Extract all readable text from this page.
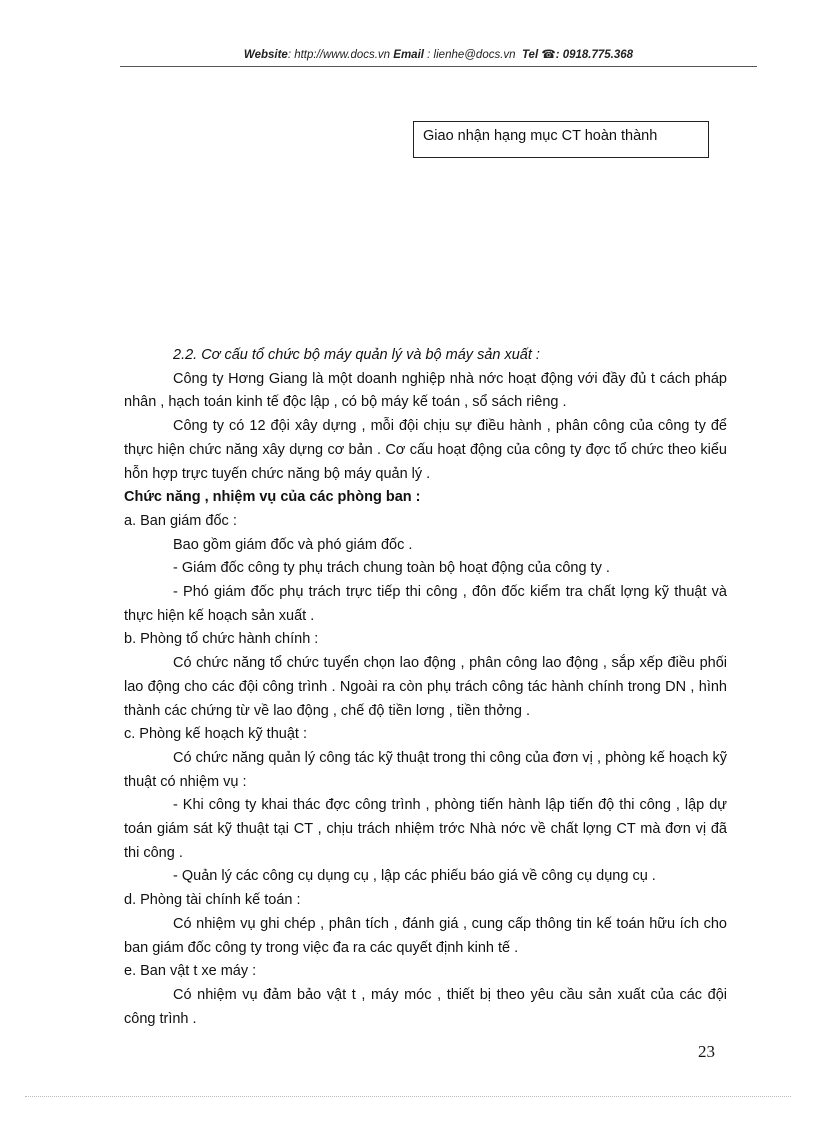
Website: http://www.docs.vn Email : lienhe@docs.vn Tel ☎: 0918.775.368
Giao nhận hạng mục CT hoàn thành

2.2. Cơ cấu tổ chức bộ máy quản lý và bộ máy sản xuất :

Công ty Hơng Giang là một doanh nghiệp nhà nớc hoạt động với đầy đủ t cách pháp nhân , hạch toán kinh tế độc lập , có bộ máy kế toán , sổ sách riêng .

Công ty có 12 đội xây dựng , mỗi đội chịu sự điều hành , phân công của công ty để thực hiện chức năng xây dựng cơ bản . Cơ cấu hoạt động của công ty đợc tổ chức theo kiểu hỗn hợp trực tuyến chức năng bộ máy quản lý .

Chức năng , nhiệm vụ của các phòng ban :

a. Ban giám đốc :

Bao gồm giám đốc và phó giám đốc .

- Giám đốc công ty phụ trách chung toàn bộ hoạt động của công ty .

- Phó giám đốc phụ trách trực tiếp thi công , đôn đốc kiểm tra chất lợng kỹ thuật và thực hiện kế hoạch sản xuất .

b. Phòng tổ chức hành chính :

Có chức năng tổ chức tuyển chọn lao động , phân công lao động , sắp xếp điều phối lao động cho các đội công trình . Ngoài ra còn phụ trách công tác hành chính trong DN , hình thành các chứng từ về lao động , chế độ tiền lơng , tiền thởng .

c. Phòng kế hoạch kỹ thuật :

Có chức năng quản lý công tác kỹ thuật trong thi công của đơn vị , phòng kế hoạch kỹ thuật có nhiệm vụ :

- Khi công ty khai thác đợc công trình , phòng tiến hành lập tiến độ thi công , lập dự toán giám sát kỹ thuật tại CT , chịu trách nhiệm trớc Nhà nớc về chất lợng CT mà đơn vị đã thi công .

- Quản lý các công cụ dụng cụ , lập các phiếu báo giá về công cụ dụng cụ .

d. Phòng tài chính kế toán :

Có nhiệm vụ ghi chép , phân tích , đánh giá , cung cấp thông tin kế toán hữu ích cho ban giám đốc công ty trong việc đa ra các quyết định kinh tế .

e. Ban vật t xe máy :

Có nhiệm vụ đảm bảo vật t , máy móc , thiết bị theo yêu cầu sản xuất của các đội công trình .

23
